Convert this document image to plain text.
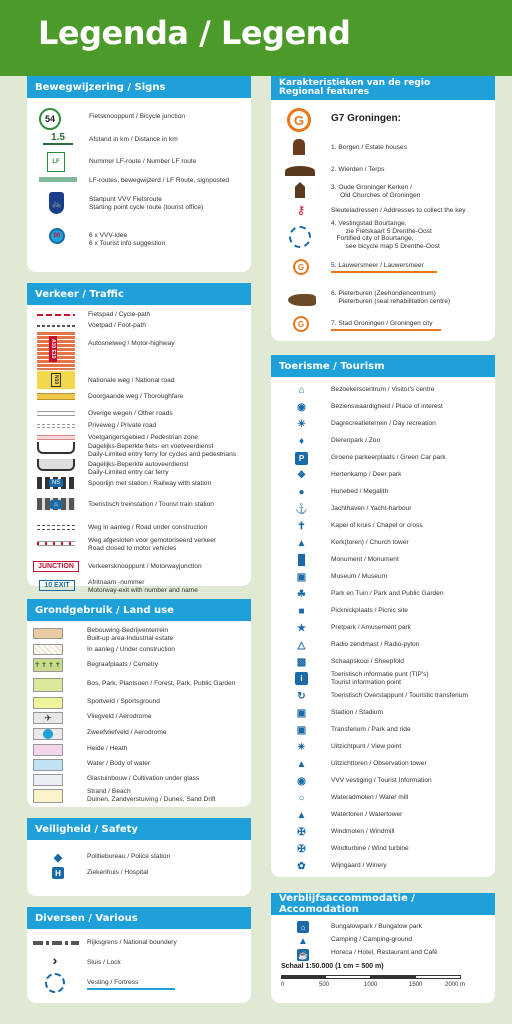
Legenda / Legend
Bewegwijzering / Signs
54	Fietsknooppunt / Bicycle junction
1.5	Afstand in km / Distance in km
LF	Nummer LF-route / Number LF route
LF-routes, bewegwijzerd / LF Route, signposted
🚲	Startpunt VVV Fietsroute
Starting point cycle route (tourist office)
00	6 x VVV-idee
6 x Tourist info suggestion
Verkeer / Traffic
Fietspad / Cycle-path
Voetpad / Foot-path
A10 E10	Autosnelweg / Motor-highway
N10	Nationale weg / National road
Doorgaande weg / Thoroughfare
Overige wegen / Other roads
Priveweg / Private road
Voetgangersgebied / Pedestrian zone
Dagelijks-Beperkte fiets- en voetveerdienst
Daily-Limited entry ferry for cycles and pedestrians
Dagelijks-Beperkte autoveerdienst
Daily-Limited entry car ferry
NS	Spoorlijn met station / Railway with station
♨	Toeristisch treinstation / Tourist train station
Weg in aanleg / Road under construction
Weg afgesloten voor gemotoriseerd verkeer
Road closed to motor vehicles
JUNCTION Verkeersknooppunt / Motorwayjunction
10 EXIT	Afritnaam -nummer
Motorway-exit with number and name
Grondgebruik / Land use
Bebouwing-Bedrijventerrein
Built-up area-Industrial estate
In aanleg / Under construction
✝✝✝✝	Begraafplaats / Cemetry
Bos, Park, Plantsoen / Forest, Park, Public Garden
Sportveld / Sportsground
✈	Vliegveld / Aerodrome
Zweefvliefveld / Aerodrome
Heide / Heath
Water / Body of water
Glastuinbouw / Cultivation under glass
Strand / Beach
Duinen, Zandverstuiving / Dunes, Sand Drift
Veiligheid / Safety
◆	Politiebureau / Police station
H	Ziekenhuis / Hospital
Diversen / Various
Rijksgrens / National boundery
›	Sluis / Lock
Vesting / Fortress
Karakteristieken van de regio
Regional features
G	G7 Groningen:
1. Borgen / Estate houses
2. Wierden / Terps
3. Oude Groninger Kerken /
Old Churches of Groningen
⚷	Sleuteladressen / Addresses to collect the key
4. Vestingstad Bourtange,
zie Fietskaart 5 Drenthe-Oost
Fortified city of Bourtange,
see bicycle map 5 Drenthe-Oost
G	5. Lauwersmeer / Lauwersmeer
6. Pieterburen (Zeehondencentrum)
Pieterburen (seal rehabilitation centre)
G	7. Stad Groningen / Groningen city
Toerisme / Tourism
⌂	Bezoekerscentrum / Visitor's centre
◉	Bezienswaardigheid / Place of interest
☀	Dagrecreatieterrein / Day recreation
♦	Dierenpark / Zoo
P	Groene parkeerplaats / Green Car park
❖	Hertenkamp / Deer park
●	Hunebed / Megalith
⚓	Jachthaven / Yacht-harbour
✝	Kapel of kruis / Chapel or cross
▲	Kerk(toren) / Church tower
█	Monument / Monument
▣	Museum / Museum
☘	Park en Tuin / Park and Public Garden
■	Picknickplaats / Picnic site
★	Pretpark / Amusement park
△	Radio zendmast / Radio-pylon
▩	Schaapskooi / Sheepfold
i	Toeristisch informatie punt (TIP's)
Tourist information point
↻	Toeristisch Overstappunt / Touristic transferium
▣	Stadion / Stadium
▣	Transferium / Park and ride
✴	Uitzichtpunt / View point
▲	Uitzichttoren / Observation tower
◉	VVV vestiging / Tourist Information
○	Wateradmolen / Water mill
▲	Watertoren / Watertower
✠	Windmolen / Windmill
✠	Windturbine / Wind turbine
✿	Wijngaard / Winery
Verblijfsaccommodatie / Accomodation
⌂	Bungalowpark / Bungalow park
▲	Camping / Camping-ground
☕	Horeca / Hotel, Restaurant and Café
Schaal 1:50.000 (1 cm = 500 m)
0	500	1000	1500	2000 m
